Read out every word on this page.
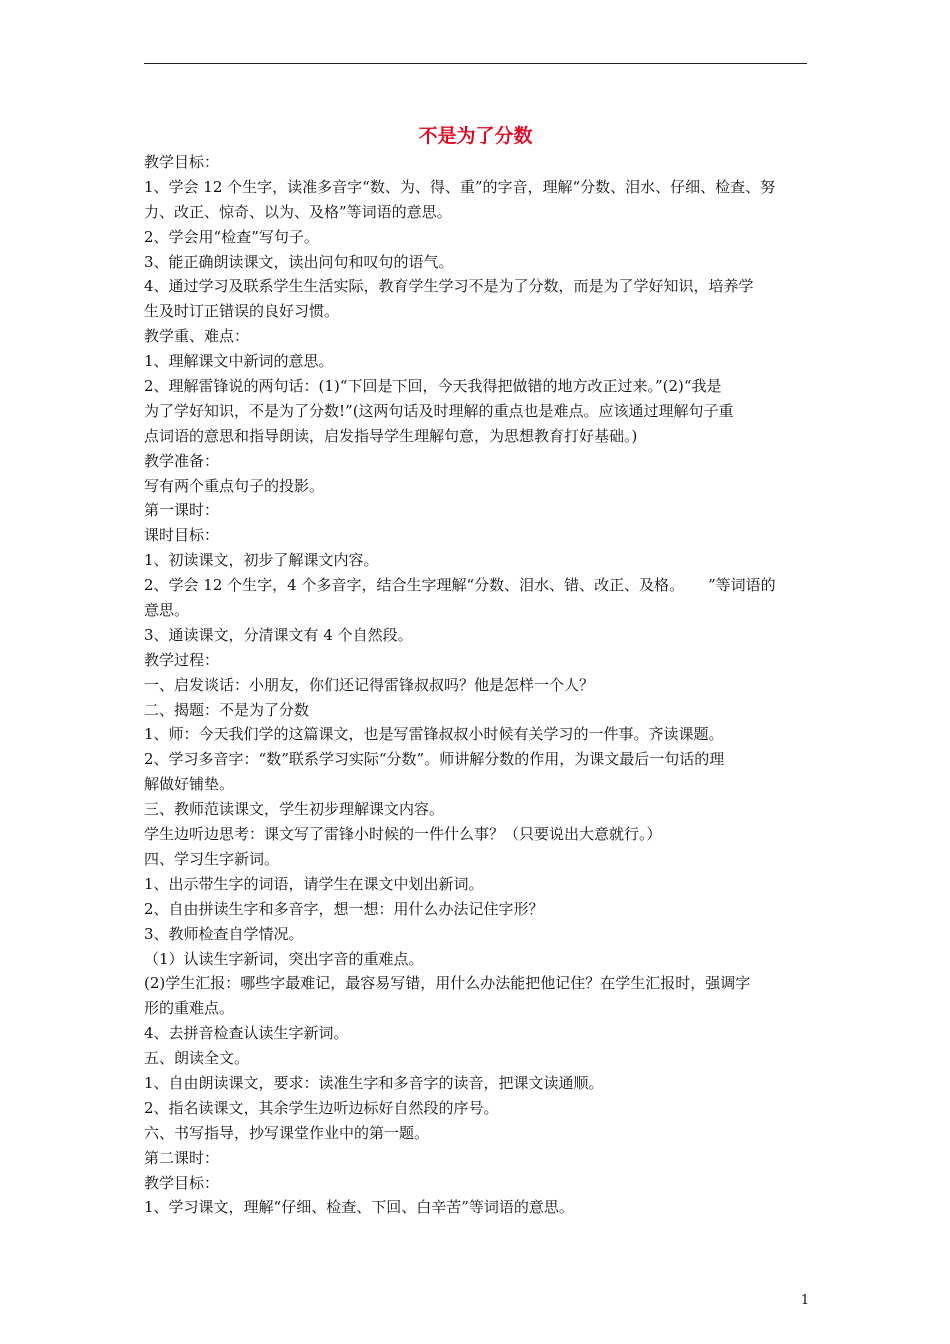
不是为了分数

教学目标：

1、学会 12 个生字，读准多音字“数、为、得、重”的字音，理解“分数、泪水、仔细、检查、努

力、改正、惊奇、以为、及格”等词语的意思。

2、学会用“检查”写句子。

3、能正确朗读课文，读出问句和叹句的语气。

4、通过学习及联系学生生活实际，教育学生学习不是为了分数，而是为了学好知识，培养学

生及时订正错误的良好习惯。

教学重、难点：

1、理解课文中新词的意思。

2、理解雷锋说的两句话：(1)“下回是下回，今天我得把做错的地方改正过来。”(2)“我是

为了学好知识，不是为了分数!”(这两句话及时理解的重点也是难点。应该通过理解句子重

点词语的意思和指导朗读，启发指导学生理解句意，为思想教育打好基础。)

教学准备：

写有两个重点句子的投影。

第一课时：

课时目标：

1、初读课文，初步了解课文内容。

2、学会 12 个生字，4 个多音字，结合生字理解“分数、泪水、错、改正、及格。     ”等词语的

意思。

3、通读课文，分清课文有 4 个自然段。

教学过程：

一、启发谈话：小朋友，你们还记得雷锋叔叔吗？他是怎样一个人？

二、揭题：不是为了分数

1、师：今天我们学的这篇课文，也是写雷锋叔叔小时候有关学习的一件事。齐读课题。

2、学习多音字：“数”联系学习实际“分数”。师讲解分数的作用，为课文最后一句话的理

解做好铺垫。

三、教师范读课文，学生初步理解课文内容。

学生边听边思考：课文写了雷锋小时候的一件什么事？（只要说出大意就行。）

四、学习生字新词。

1、出示带生字的词语，请学生在课文中划出新词。

2、自由拼读生字和多音字，想一想：用什么办法记住字形？

3、教师检查自学情况。

（1）认读生字新词，突出字音的重难点。

(2)学生汇报：哪些字最难记，最容易写错，用什么办法能把他记住？在学生汇报时，强调字

形的重难点。

4、去拼音检查认读生字新词。

五、朗读全文。

1、自由朗读课文，要求：读准生字和多音字的读音，把课文读通顺。

2、指名读课文，其余学生边听边标好自然段的序号。

六、书写指导，抄写课堂作业中的第一题。

第二课时：

教学目标：

1、学习课文，理解“仔细、检查、下回、白辛苦”等词语的意思。

1
